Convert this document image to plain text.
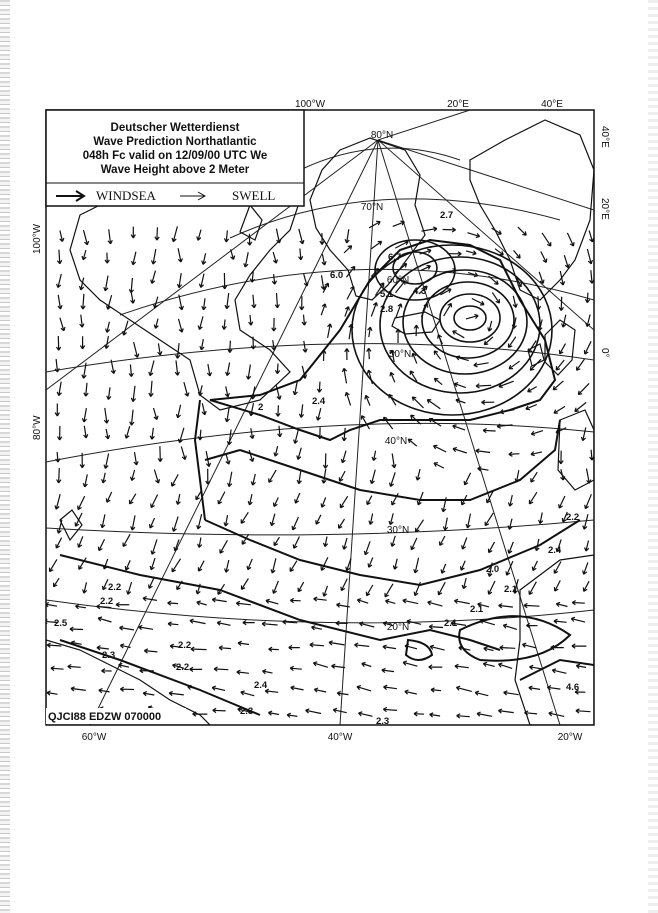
Deutscher Wetterdienst
Wave Prediction Northatlantic
048h Fc valid on 12/09/00 UTC We
Wave Height above 2 Meter
WINDSEA	SWELL
100°W	20°E	40°E
40°E
20°E
0°
100°W
80°W
60°W	40°W	20°W
80°N
70°N
60°N
50°N
40°N
30°N
20°N
2.7
6.7
5.1
6.0
4.3
2.8
2.4
2
2.2
2.4
2.0
2.1
2.1
2.1
4.6
2.2
2.2
2.5
2.3
2.2
2.2
2.4
2.3
2.3
QJCI88 EDZW 070000
